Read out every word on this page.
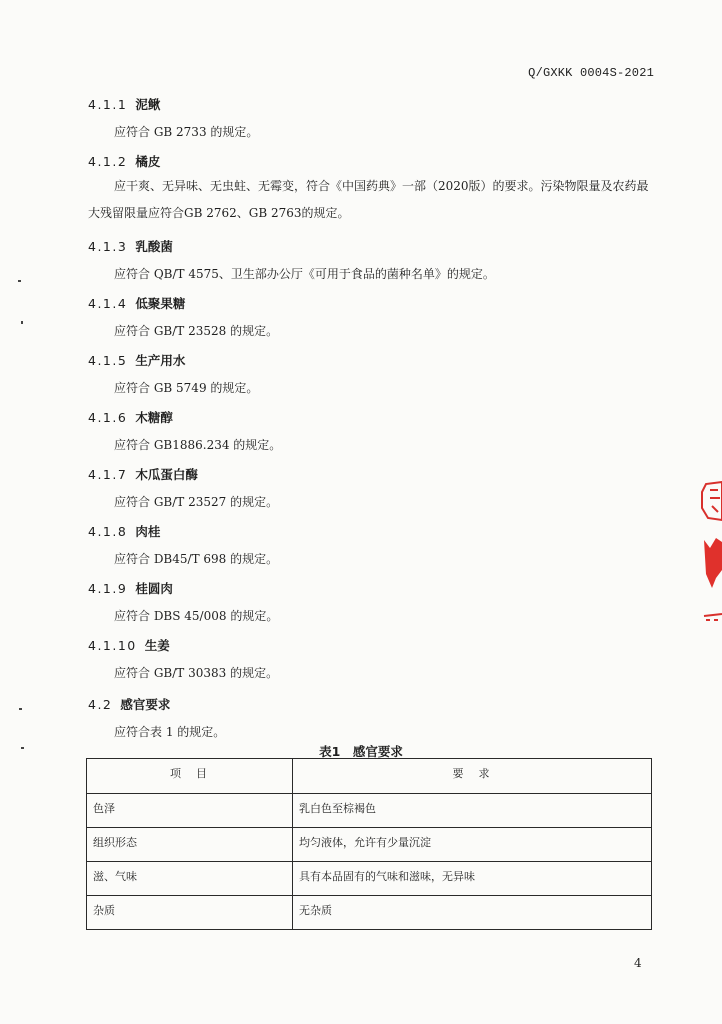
Q/GXKK 0004S-2021
4.1.1 泥鳅
应符合 GB 2733 的规定。
4.1.2 橘皮
应干爽、无异味、无虫蛀、无霉变，符合《中国药典》一部（2020版）的要求。污染物限量及农药最大残留限量应符合GB 2762、GB 2763的规定。
4.1.3 乳酸菌
应符合 QB/T 4575、卫生部办公厅《可用于食品的菌种名单》的规定。
4.1.4 低聚果糖
应符合 GB/T 23528 的规定。
4.1.5 生产用水
应符合 GB 5749 的规定。
4.1.6 木糖醇
应符合 GB1886.234 的规定。
4.1.7 木瓜蛋白酶
应符合 GB/T 23527 的规定。
4.1.8 肉桂
应符合 DB45/T 698 的规定。
4.1.9 桂圆肉
应符合 DBS 45/008 的规定。
4.1.10 生姜
应符合 GB/T 30383 的规定。
4.2 感官要求
应符合表 1 的规定。
表1　感官要求
项　目	要　求
色泽	乳白色至棕褐色
组织形态	均匀液体，允许有少量沉淀
滋、气味	具有本品固有的气味和滋味，无异味
杂质	无杂质
4
